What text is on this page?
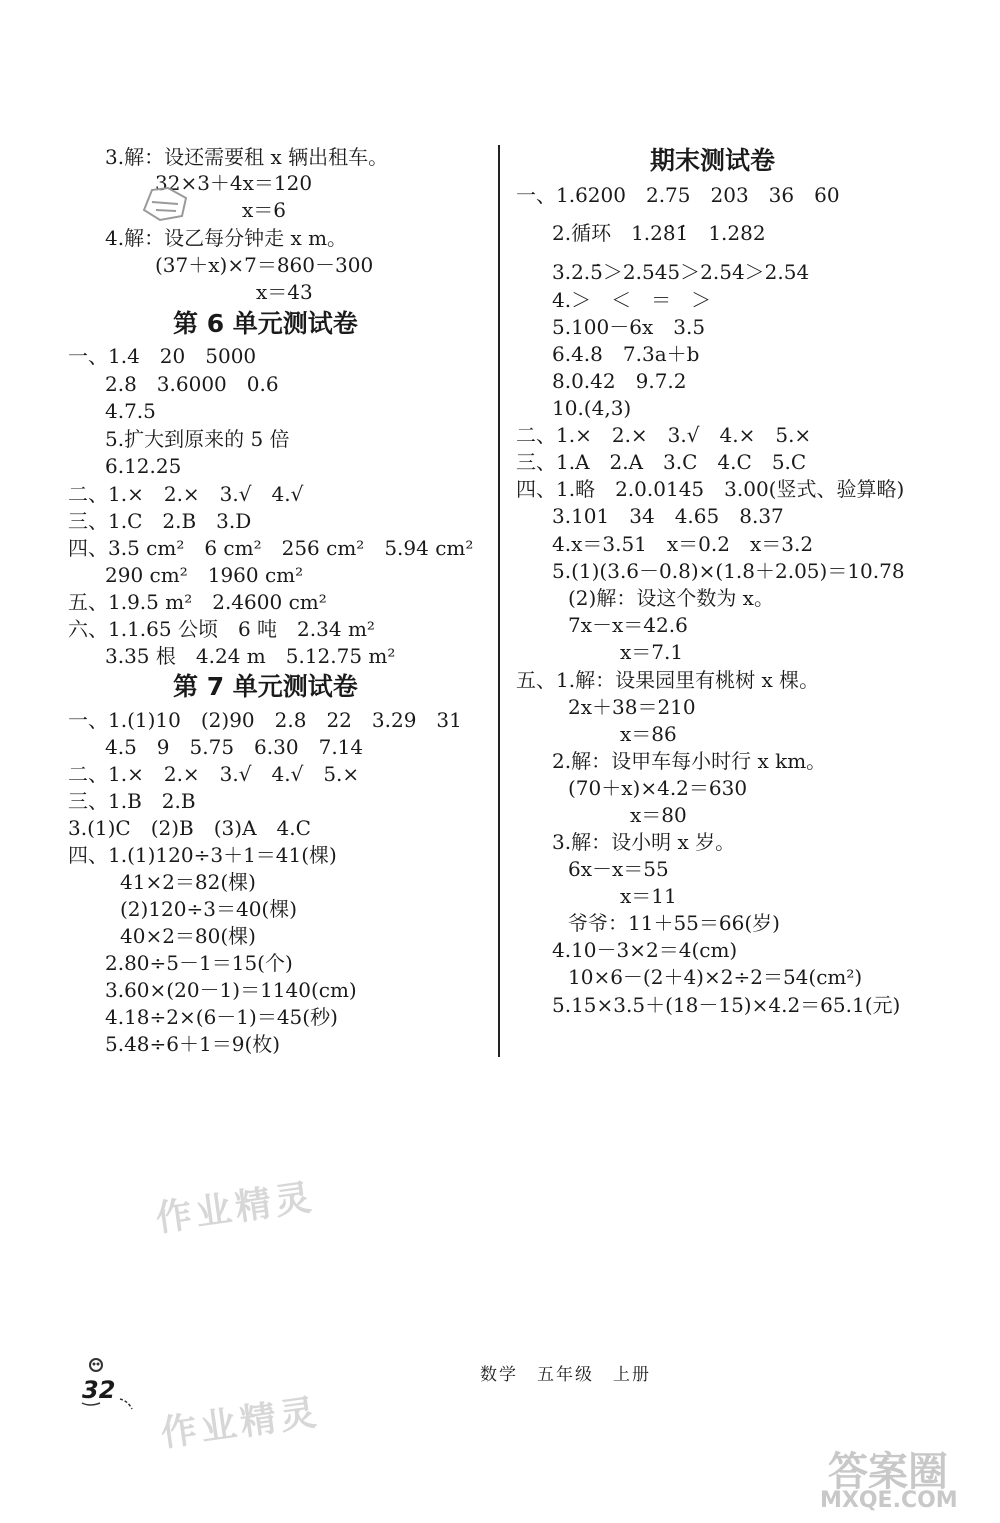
3.解：设还需要租 x 辆出租车。
32×3＋4x＝120
x＝6
4.解：设乙每分钟走 x m。
(37＋x)×7＝860－300
x＝43
第 6 单元测试卷
一、1.4　20　5000
2.8　3.6000　0.6
4.7.5
5.扩大到原来的 5 倍
6.12.25
二、1.×　2.×　3.√　4.√
三、1.C　2.B　3.D
四、3.5 cm²　6 cm²　256 cm²　5.94 cm²
290 cm²　1960 cm²
五、1.9.5 m²　2.4600 cm²
六、1.1.65 公顷　6 吨　2.34 m²
3.35 根　4.24 m　5.12.75 m²
第 7 单元测试卷
一、1.(1)10　(2)90　2.8　22　3.29　31
4.5　9　5.75　6.30　7.14
二、1.×　2.×　3.√　4.√　5.×
三、1.B　2.B
3.(1)C　(2)B　(3)A　4.C
四、1.(1)120÷3＋1＝41(棵)
41×2＝82(棵)
(2)120÷3＝40(棵)
40×2＝80(棵)
2.80÷5－1＝15(个)
3.60×(20－1)＝1140(cm)
4.18÷2×(6－1)＝45(秒)
5.48÷6＋1＝9(枚)
期末测试卷
一、1.6200　2.75　203　36　60
2.循环　1.28̇1̇　1.282
3.2.5̇＞2.545＞2.54̇＞2.54
4.＞　＜　＝　＞
5.100－6x　3.5
6.4.8　7.3a＋b
8.0.42　9.7.2
10.(4,3)
二、1.×　2.×　3.√　4.×　5.×
三、1.A　2.A　3.C　4.C　5.C
四、1.略　2.0.0145　3.00(竖式、验算略)
3.101　34　4.65　8.37
4.x＝3.51　x＝0.2　x＝3.2
5.(1)(3.6－0.8)×(1.8＋2.05)＝10.78
(2)解：设这个数为 x。
7x－x＝42.6
x＝7.1
五、1.解：设果园里有桃树 x 棵。
2x＋38＝210
x＝86
2.解：设甲车每小时行 x km。
(70＋x)×4.2＝630
x＝80
3.解：设小明 x 岁。
6x－x＝55
x＝11
爷爷：11＋55＝66(岁)
4.10－3×2＝4(cm)
10×6－(2＋4)×2÷2＝54(cm²)
5.15×3.5＋(18－15)×4.2＝65.1(元)
作业精灵
作业精灵
32
数学　五年级　上册
答案圈
MXQE.COM
